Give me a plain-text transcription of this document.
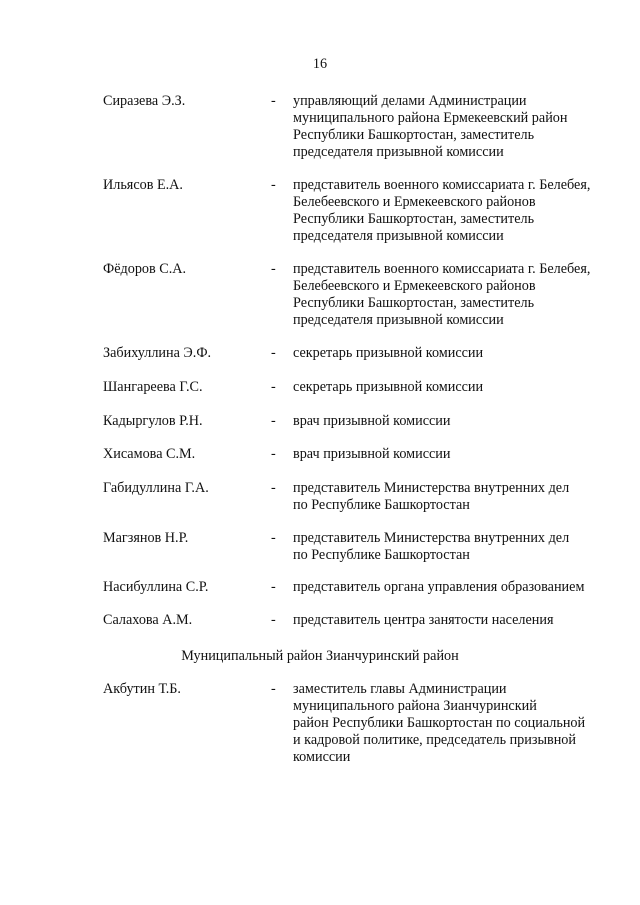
16
Сиразева Э.З.	- управляющий делами Администрации
муниципального района Ермекеевский район
Республики Башкортостан, заместитель
председателя призывной комиссии
Ильясов Е.А.	- представитель военного комиссариата г. Белебея,
Белебеевского и Ермекеевского районов
Республики Башкортостан, заместитель
председателя призывной комиссии
Фёдоров С.А.	- представитель военного комиссариата г. Белебея,
Белебеевского и Ермекеевского районов
Республики Башкортостан, заместитель
председателя призывной комиссии
Забихуллина Э.Ф.	- секретарь призывной комиссии
Шангареева Г.С.	- секретарь призывной комиссии
Кадыргулов Р.Н.	- врач призывной комиссии
Хисамова С.М.	- врач призывной комиссии
Габидуллина Г.А.	- представитель Министерства внутренних дел
по Республике Башкортостан
Магзянов Н.Р.	- представитель Министерства внутренних дел
по Республике Башкортостан
Насибуллина С.Р.	- представитель органа управления образованием
Салахова А.М.	- представитель центра занятости населения
Муниципальный район Зианчуринский район
Акбутин Т.Б.	- заместитель главы Администрации
муниципального района Зианчуринский
район Республики Башкортостан по социальной
и кадровой политике, председатель призывной
комиссии
